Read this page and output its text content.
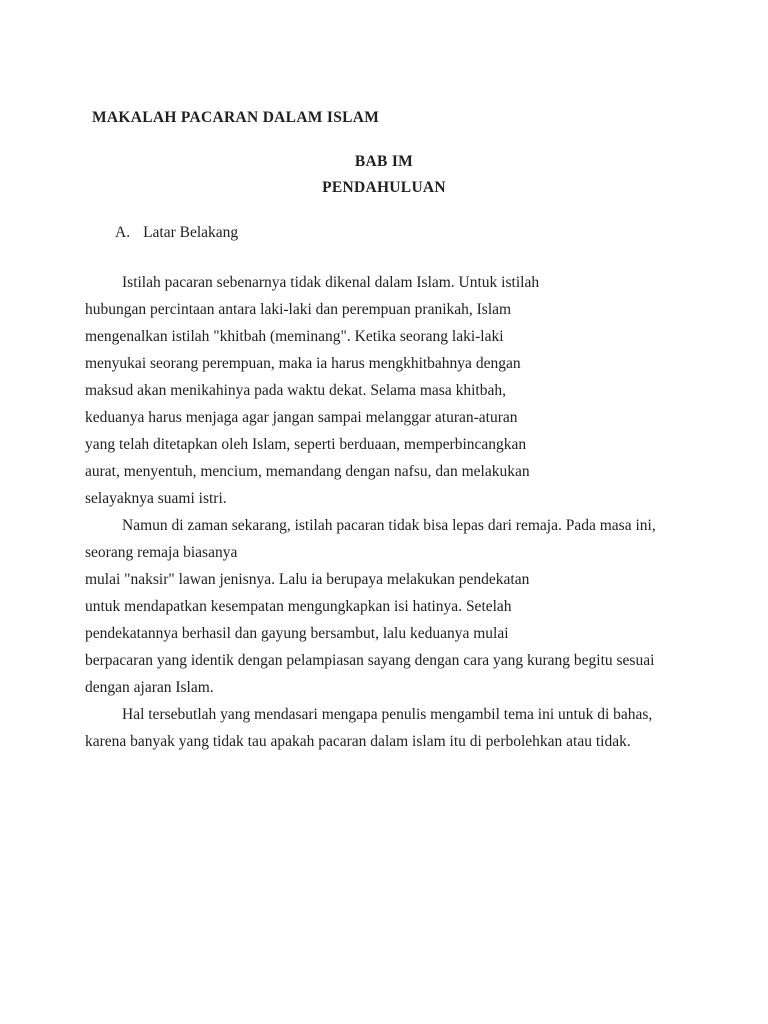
MAKALAH PACARAN DALAM ISLAM
BAB IM
PENDAHULUAN
A. Latar Belakang
Istilah pacaran sebenarnya tidak dikenal dalam Islam. Untuk istilah
hubungan percintaan antara laki-laki dan perempuan pranikah, Islam
mengenalkan istilah "khitbah (meminang". Ketika seorang laki-laki
menyukai seorang perempuan, maka ia harus mengkhitbahnya dengan
maksud akan menikahinya pada waktu dekat. Selama masa khitbah,
keduanya harus menjaga agar jangan sampai melanggar aturan-aturan
yang telah ditetapkan oleh Islam, seperti berduaan, memperbincangkan
aurat, menyentuh, mencium, memandang dengan nafsu, dan melakukan
selayaknya suami istri.
Namun di zaman sekarang, istilah pacaran tidak bisa lepas dari remaja. Pada masa ini,
seorang remaja biasanya
mulai "naksir" lawan jenisnya. Lalu ia berupaya melakukan pendekatan
untuk mendapatkan kesempatan mengungkapkan isi hatinya. Setelah
pendekatannya berhasil dan gayung bersambut, lalu keduanya mulai
berpacaran yang identik dengan pelampiasan sayang dengan cara yang kurang begitu sesuai
dengan ajaran Islam.
Hal tersebutlah yang mendasari mengapa penulis mengambil tema ini untuk di bahas,
karena banyak yang tidak tau apakah pacaran dalam islam itu di perbolehkan atau tidak.
